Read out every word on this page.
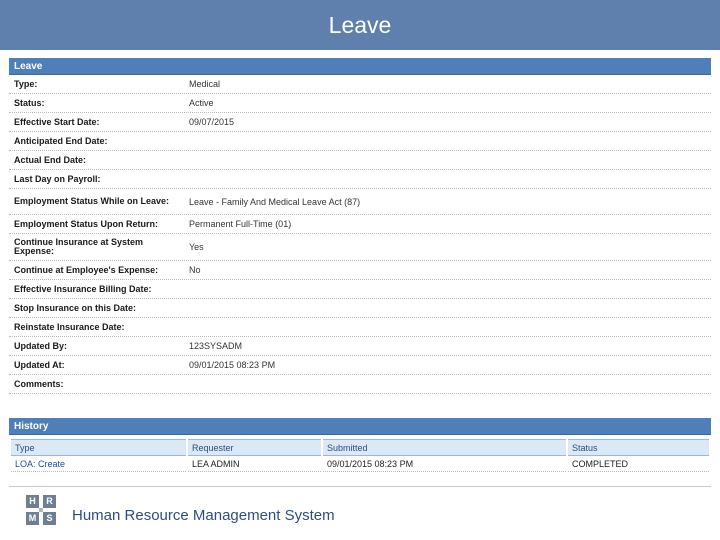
Leave
Leave
Type:	Medical
Status:	Active
Effective Start Date:	09/07/2015
Anticipated End Date:
Actual End Date:
Last Day on Payroll:
Employment Status While on Leave:	Leave - Family And Medical Leave Act (87)
Employment Status Upon Return:	Permanent Full-Time (01)
Continue Insurance at System Expense:	Yes
Continue at Employee's Expense:	No
Effective Insurance Billing Date:
Stop Insurance on this Date:
Reinstate Insurance Date:
Updated By:	123SYSADM
Updated At:	09/01/2015 08:23 PM
Comments:
History
Type	Requester	Submitted	Status
LOA: Create	LEA ADMIN	09/01/2015 08:23 PM	COMPLETED
H	R
M	S Human Resource Management System
